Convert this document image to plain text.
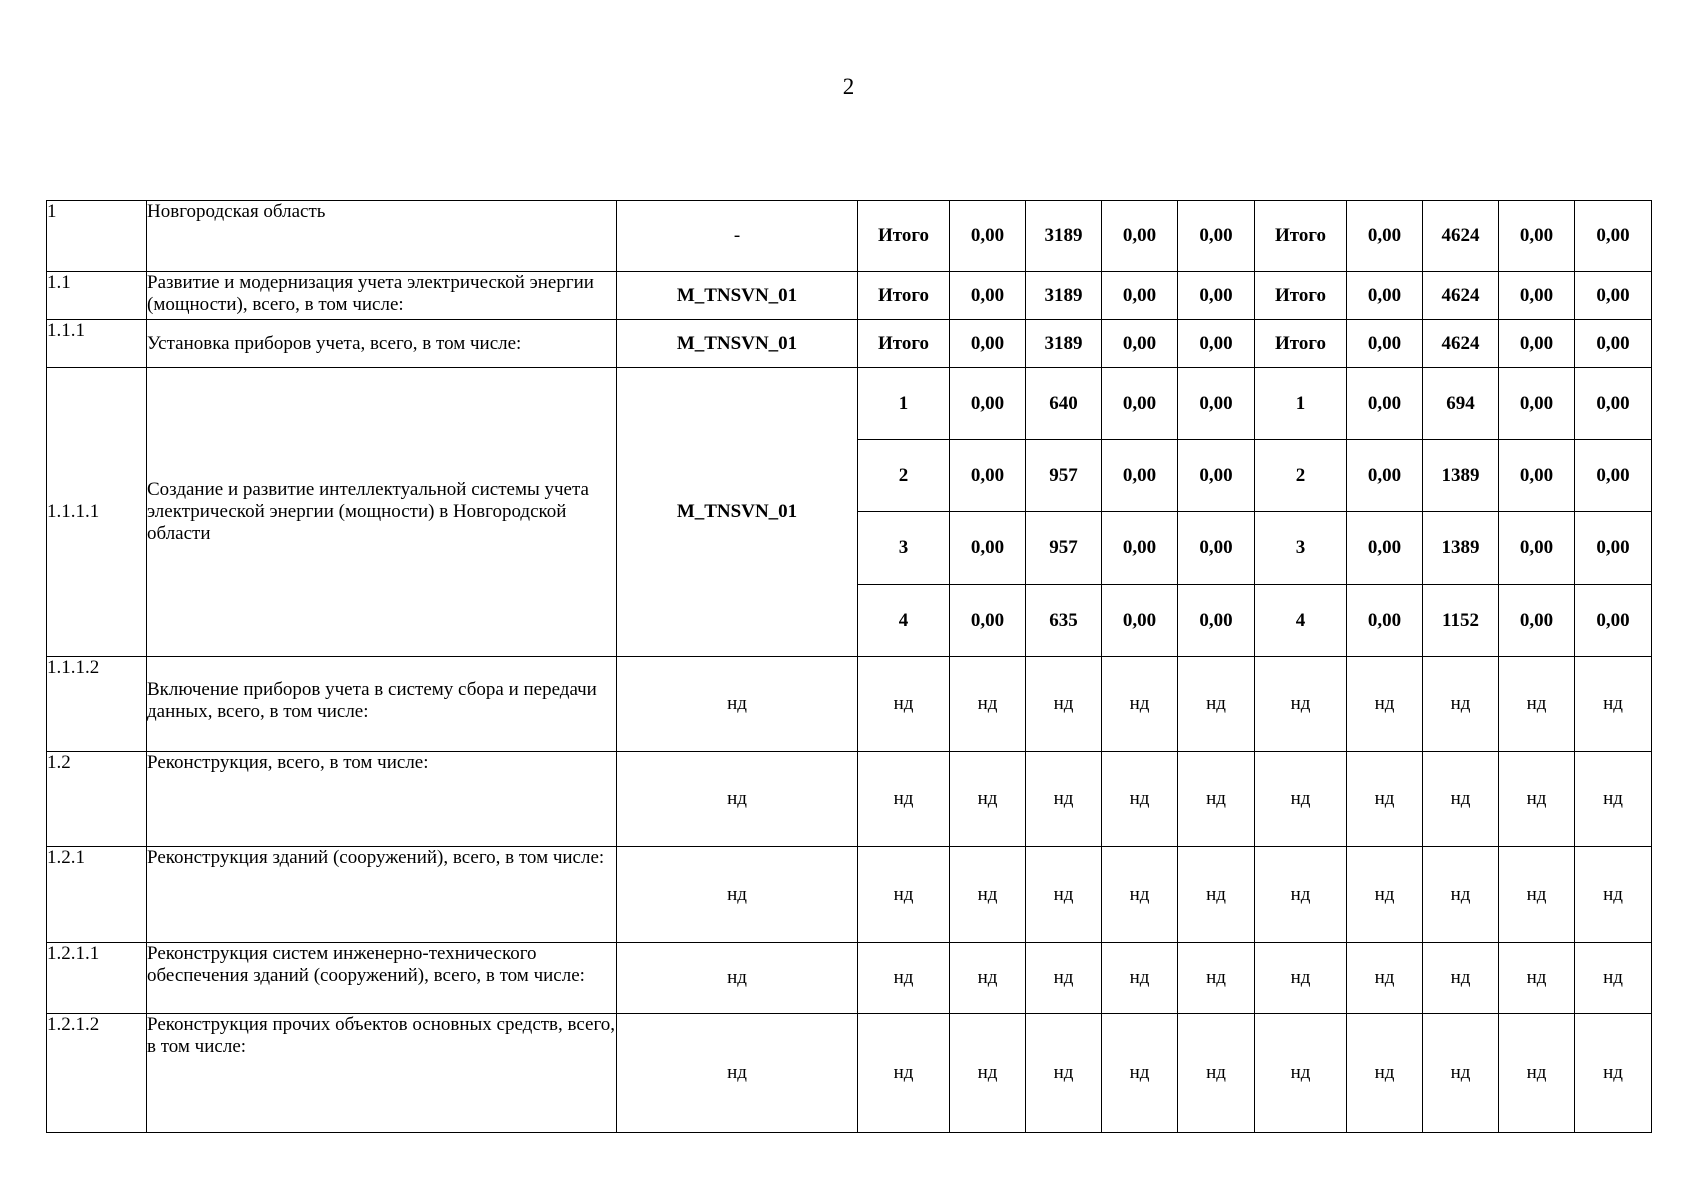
2
1	Новгородская область	-	Итого	0,00	3189	0,00	0,00	Итого	0,00	4624	0,00	0,00
1.1	Развитие и модернизация учета электрической энергии (мощности), всего, в том числе:	M_TNSVN_01	Итого	0,00	3189	0,00	0,00	Итого	0,00	4624	0,00	0,00
1.1.1	Установка приборов учета, всего, в том числе:	M_TNSVN_01	Итого	0,00	3189	0,00	0,00	Итого	0,00	4624	0,00	0,00
1.1.1.1	Создание и развитие интеллектуальной системы учета электрической энергии (мощности) в Новгородской области	M_TNSVN_01	1	0,00	640	0,00	0,00	1	0,00	694	0,00	0,00
			2	0,00	957	0,00	0,00	2	0,00	1389	0,00	0,00
			3	0,00	957	0,00	0,00	3	0,00	1389	0,00	0,00
			4	0,00	635	0,00	0,00	4	0,00	1152	0,00	0,00
1.1.1.2	Включение приборов учета в систему сбора и передачи данных, всего, в том числе:	нд	нд	нд	нд	нд	нд	нд	нд	нд	нд	нд
1.2	Реконструкция, всего, в том числе:	нд	нд	нд	нд	нд	нд	нд	нд	нд	нд	нд
1.2.1	Реконструкция зданий (сооружений), всего, в том числе:	нд	нд	нд	нд	нд	нд	нд	нд	нд	нд	нд
1.2.1.1	Реконструкция систем инженерно-технического обеспечения зданий (сооружений), всего, в том числе:	нд	нд	нд	нд	нд	нд	нд	нд	нд	нд	нд
1.2.1.2	Реконструкция прочих объектов основных средств, всего, в том числе:	нд	нд	нд	нд	нд	нд	нд	нд	нд	нд	нд
